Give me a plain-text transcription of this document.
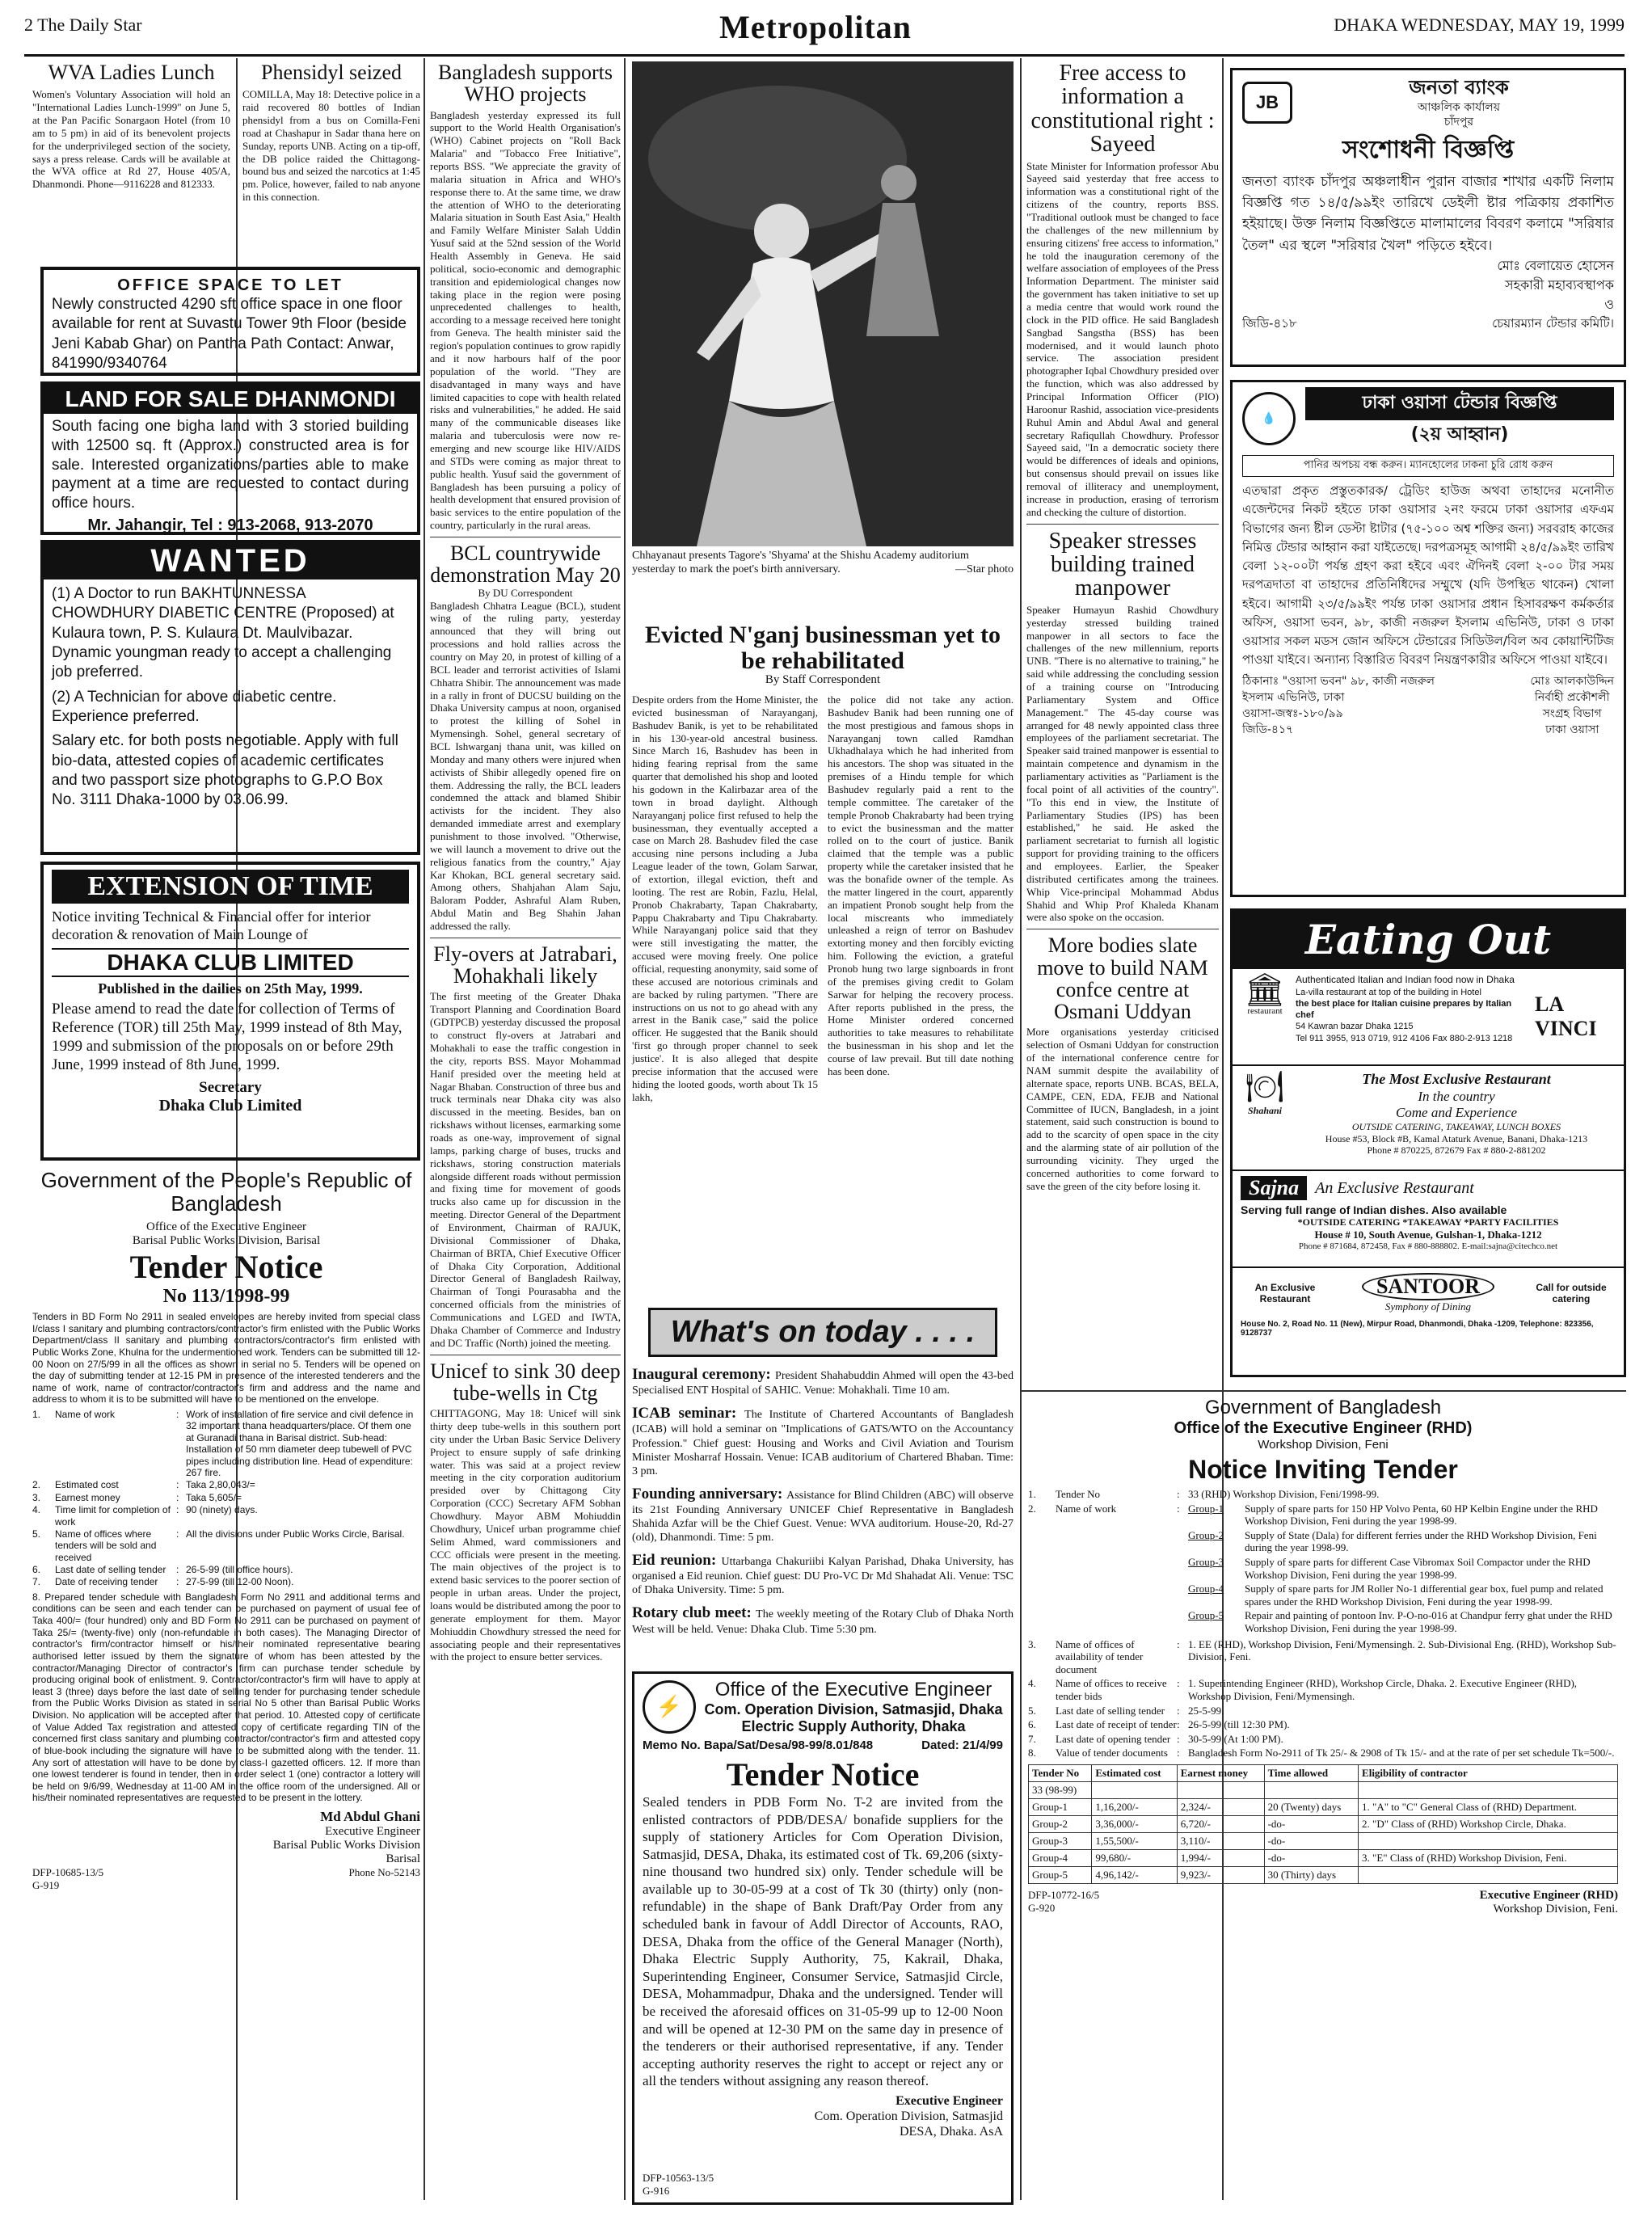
2 The Daily Star	Metropolitan	DHAKA WEDNESDAY, MAY 19, 1999
WVA Ladies Lunch
Women's Voluntary Association will hold an "International Ladies Lunch-1999" on June 5, at the Pan Pacific Sonargaon Hotel (from 10 am to 5 pm) in aid of its benevolent projects for the underprivileged section of the society, says a press release. Cards will be available at the WVA office at Rd 27, House 405/A, Dhanmondi. Phone—9116228 and 812333.
Phensidyl seized
COMILLA, May 18: Detective police in a raid recovered 80 bottles of Indian phensidyl from a bus on Comilla-Feni road at Chashapur in Sadar thana here on Sunday, reports UNB. Acting on a tip-off, the DB police raided the Chittagong-bound bus and seized the narcotics at 1:45 pm. Police, however, failed to nab anyone in this connection.
OFFICE SPACE TO LET
Newly constructed 4290 sft office space in one floor available for rent at Suvastu Tower 9th Floor (beside Jeni Kabab Ghar) on Pantha Path Contact: Anwar, 841990/9340764
LAND FOR SALE DHANMONDI
South facing one bigha land with 3 storied building with 12500 sq. ft (Approx.) constructed area is for sale. Interested organizations/parties able to make payment at a time are requested to contact during office hours.
Mr. Jahangir, Tel : 913-2068, 913-2070
WANTED
(1) A Doctor to run BAKHTUNNESSA CHOWDHURY DIABETIC CENTRE (Proposed) at Kulaura town, P. S. Kulaura Dt. Maulvibazar. Dynamic youngman ready to accept a challenging job preferred.
(2) A Technician for above diabetic centre. Experience preferred.
Salary etc. for both posts negotiable. Apply with full bio-data, attested copies of academic certificates and two passport size photographs to G.P.O Box No. 3111 Dhaka-1000 by 03.06.99.
EXTENSION OF TIME
Notice inviting Technical & Financial offer for interior decoration & renovation of Main Lounge of
DHAKA CLUB LIMITED
Published in the dailies on 25th May, 1999.
Please amend to read the date for collection of Terms of Reference (TOR) till 25th May, 1999 instead of 8th May, 1999 and submission of the proposals on or before 29th June, 1999 instead of 8th June, 1999.
Secretary
Dhaka Club Limited
Government of the People's Republic of Bangladesh
Office of the Executive Engineer
Barisal Public Works Division, Barisal
Tender Notice
No 113/1998-99
Tenders in BD Form No 2911 in sealed envelopes are hereby invited from special class I/class I sanitary and plumbing contractors/contractor's firm enlisted with the Public Works Department/class II sanitary and plumbing contractors/contractor's firm enlisted with Public Works Zone, Khulna for the undermentioned work. Tenders can be submitted till 12-00 Noon on 27/5/99 in all the offices as shown in serial no 5. Tenders will be opened on the day of submitting tender at 12-15 PM in presence of the interested tenderers and the name of work, name of contractor/contractor's firm and address and the name and address to whom it is to be submitted will have to be mentioned on the envelope.
1.	Name of work	: Work of installation of fire service and civil defence in 32 important thana headquarters/place. Of them one at Guranadi thana in Barisal district. Sub-head: Installation of 50 mm diameter deep tubewell of PVC pipes including distribution line. Head of expenditure: 267 fire.
2.	Estimated cost	: Taka 2,80,043/=
3.	Earnest money	: Taka 5,605/=
4.	Time limit for completion of work
: 90 (ninety) days.
5.	Name of offices where tenders will be sold and received
: All the divisions under Public Works Circle, Barisal.
6.	Last date of selling tender	: 26-5-99 (till office hours).
7.	Date of receiving tender	: 27-5-99 (till 12-00 Noon).
8. Prepared tender schedule with Bangladesh Form No 2911 and additional terms and conditions can be seen and each tender can be purchased on payment of usual fee of Taka 400/= (four hundred) only and BD Form No 2911 can be purchased on payment of Taka 25/= (twenty-five) only (non-refundable in both cases). The Managing Director of contractor's firm/contractor himself or his/their nominated representative bearing authorised letter issued by them the signature of whom has been attested by the contractor/Managing Director of contractor's firm can purchase tender schedule by producing original book of enlistment. 9. Contractor/contractor's firm will have to apply at least 3 (three) days before the last date of selling tender for purchasing tender schedule from the Public Works Division as stated in serial No 5 other than Barisal Public Works Division. No application will be accepted after that period. 10. Attested copy of certificate of Value Added Tax registration and attested copy of certificate regarding TIN of the concerned first class sanitary and plumbing contractor/contractor's firm and attested copy of blue-book including the signature will have to be submitted along with the tender. 11. Any sort of attestation will have to be done by class-I gazetted officers. 12. If more than one lowest tenderer is found in tender, then in order select 1 (one) contractor a lottery will be held on 9/6/99, Wednesday at 11-00 AM in the office room of the undersigned. All or his/their nominated representatives are requested to be present in the lottery.
Md Abdul Ghani
Executive Engineer
Barisal Public Works Division
Barisal
DFP-10685-13/5	Phone No-52143
G-919
Bangladesh supports WHO projects
Bangladesh yesterday expressed its full support to the World Health Organisation's (WHO) Cabinet projects on "Roll Back Malaria" and "Tobacco Free Initiative", reports BSS. "We appreciate the gravity of malaria situation in Africa and WHO's response there to. At the same time, we draw the attention of WHO to the deteriorating Malaria situation in South East Asia," Health and Family Welfare Minister Salah Uddin Yusuf said at the 52nd session of the World Health Assembly in Geneva. He said political, socio-economic and demographic transition and epidemiological changes now taking place in the region were posing unprecedented challenges to health, according to a message received here tonight from Geneva. The health minister said the region's population continues to grow rapidly and it now harbours half of the poor population of the world. "They are disadvantaged in many ways and have limited capacities to cope with health related risks and vulnerabilities," he added. He said many of the communicable diseases like malaria and tuberculosis were now re-emerging and new scourge like HIV/AIDS and STDs were coming as major threat to public health. Yusuf said the government of Bangladesh has been pursuing a policy of health development that ensured provision of basic services to the entire population of the country, particularly in the rural areas.
BCL countrywide demonstration May 20
By DU Correspondent
Bangladesh Chhatra League (BCL), student wing of the ruling party, yesterday announced that they will bring out processions and hold rallies across the country on May 20, in protest of killing of a BCL leader and terrorist activities of Islami Chhatra Shibir. The announcement was made in a rally in front of DUCSU building on the Dhaka University campus at noon, organised to protest the killing of Sohel in Mymensingh. Sohel, general secretary of BCL Ishwarganj thana unit, was killed on Monday and many others were injured when activists of Shibir allegedly opened fire on them. Addressing the rally, the BCL leaders condemned the attack and blamed Shibir activists for the incident. They also demanded immediate arrest and exemplary punishment to those involved. "Otherwise, we will launch a movement to drive out the religious fanatics from the country," Ajay Kar Khokan, BCL general secretary said. Among others, Shahjahan Alam Saju, Baloram Podder, Ashraful Alam Ruben, Abdul Matin and Beg Shahin Jahan addressed the rally.
Fly-overs at Jatrabari, Mohakhali likely
The first meeting of the Greater Dhaka Transport Planning and Coordination Board (GDTPCB) yesterday discussed the proposal to construct fly-overs at Jatrabari and Mohakhali to ease the traffic congestion in the city, reports BSS. Mayor Mohammad Hanif presided over the meeting held at Nagar Bhaban. Construction of three bus and truck terminals near Dhaka city was also discussed in the meeting. Besides, ban on rickshaws without licenses, earmarking some roads as one-way, improvement of signal lamps, parking charge of buses, trucks and rickshaws, storing construction materials alongside different roads without permission and fixing time for movement of goods trucks also came up for discussion in the meeting. Director General of the Department of Environment, Chairman of RAJUK, Divisional Commissioner of Dhaka, Chairman of BRTA, Chief Executive Officer of Dhaka City Corporation, Additional Director General of Bangladesh Railway, Chairman of Tongi Pourasabha and the concerned officials from the ministries of Communications and LGED and IWTA, Dhaka Chamber of Commerce and Industry and DC Traffic (North) joined the meeting.
Unicef to sink 30 deep tube-wells in Ctg
CHITTAGONG, May 18: Unicef will sink thirty deep tube-wells in this southern port city under the Urban Basic Service Delivery Project to ensure supply of safe drinking water. This was said at a project review meeting in the city corporation auditorium presided over by Chittagong City Corporation (CCC) Secretary AFM Sobhan Chowdhury. Mayor ABM Mohiuddin Chowdhury, Unicef urban programme chief Selim Ahmed, ward commissioners and CCC officials were present in the meeting. The main objectives of the project is to extend basic services to the poorer section of people in urban areas. Under the project, loans would be distributed among the poor to generate employment for them. Mayor Mohiuddin Chowdhury stressed the need for associating people and their representatives with the project to ensure better services.
Chhayanaut presents Tagore's 'Shyama' at the Shishu Academy auditorium yesterday to mark the poet's birth anniversary.	—Star photo
Evicted N'ganj businessman yet to be rehabilitated
By Staff Correspondent
Despite orders from the Home Minister, the evicted businessman of Narayanganj, Bashudev Banik, is yet to be rehabilitated in his 130-year-old ancestral business. Since March 16, Bashudev has been in hiding fearing reprisal from the same quarter that demolished his shop and looted his godown in the Kalirbazar area of the town in broad daylight. Although Narayanganj police first refused to help the businessman, they eventually accepted a case on March 28. Bashudev filed the case accusing nine persons including a Juba League leader of the town, Golam Sarwar, of extortion, illegal eviction, theft and looting. The rest are Robin, Fazlu, Helal, Pronob Chakrabarty, Tapan Chakrabarty, Pappu Chakrabarty and Tipu Chakrabarty. While Narayanganj police said that they were still investigating the matter, the accused were moving freely. One police official, requesting anonymity, said some of these accused are notorious criminals and are backed by ruling partymen. "There are instructions on us not to go ahead with any arrest in the Banik case," said the police officer. He suggested that the Banik should 'first go through proper channel to seek justice'. It is also alleged that despite precise information that the accused were hiding the looted goods, worth about Tk 15 lakh,
the police did not take any action. Bashudev Banik had been running one of the most prestigious and famous shops in Narayanganj town called Ramdhan Ukhadhalaya which he had inherited from his ancestors. The shop was situated in the premises of a Hindu temple for which Bashudev regularly paid a rent to the temple committee. The caretaker of the temple Pronob Chakrabarty had been trying to evict the businessman and the matter rolled on to the court of justice. Banik claimed that the temple was a public property while the caretaker insisted that he was the bonafide owner of the temple. As the matter lingered in the court, apparently an impatient Pronob sought help from the local miscreants who immediately unleashed a reign of terror on Bashudev extorting money and then forcibly evicting him. Following the eviction, a grateful Pronob hung two large signboards in front of the premises giving credit to Golam Sarwar for helping the recovery process. After reports published in the press, the Home Minister ordered concerned authorities to take measures to rehabilitate the businessman in his shop and let the course of law prevail. But till date nothing has been done.
What's on today . . . .
Inaugural ceremony: President Shahabuddin Ahmed will open the 43-bed Specialised ENT Hospital of SAHIC. Venue: Mohakhali. Time 10 am.
ICAB seminar: The Institute of Chartered Accountants of Bangladesh (ICAB) will hold a seminar on "Implications of GATS/WTO on the Accountancy Profession." Chief guest: Housing and Works and Civil Aviation and Tourism Minister Mosharraf Hossain. Venue: ICAB auditorium of Chartered Bhaban. Time: 3 pm.
Founding anniversary: Assistance for Blind Children (ABC) will observe its 21st Founding Anniversary UNICEF Chief Representative in Bangladesh Shahida Azfar will be the Chief Guest. Venue: WVA auditorium. House-20, Rd-27 (old), Dhanmondi. Time: 5 pm.
Eid reunion: Uttarbanga Chakuriibi Kalyan Parishad, Dhaka University, has organised a Eid reunion. Chief guest: DU Pro-VC Dr Md Shahadat Ali. Venue: TSC of Dhaka University. Time: 5 pm.
Rotary club meet: The weekly meeting of the Rotary Club of Dhaka North West will be held. Venue: Dhaka Club. Time 5:30 pm.
⚡
Office of the Executive Engineer
Com. Operation Division, Satmasjid, Dhaka
Electric Supply Authority, Dhaka
Memo No. Bapa/Sat/Desa/98-99/8.01/848	Dated: 21/4/99
Tender Notice
Sealed tenders in PDB Form No. T-2 are invited from the enlisted contractors of PDB/DESA/ bonafide suppliers for the supply of stationery Articles for Com Operation Division, Satmasjid, DESA, Dhaka, its estimated cost of Tk. 69,206 (sixty-nine thousand two hundred six) only. Tender schedule will be available up to 30-05-99 at a cost of Tk 30 (thirty) only (non-refundable) in the shape of Bank Draft/Pay Order from any scheduled bank in favour of Addl Director of Accounts, RAO, DESA, Dhaka from the office of the General Manager (North), Dhaka Electric Supply Authority, 75, Kakrail, Dhaka, Superintending Engineer, Consumer Service, Satmasjid Circle, DESA, Mohammadpur, Dhaka and the undersigned. Tender will be received the aforesaid offices on 31-05-99 up to 12-00 Noon and will be opened at 12-30 PM on the same day in presence of the tenderers or their authorised representative, if any. Tender accepting authority reserves the right to accept or reject any or all the tenders without assigning any reason thereof.
Executive Engineer
Com. Operation Division, Satmasjid
DESA, Dhaka. AsA
DFP-10563-13/5
G-916
Free access to information a constitutional right : Sayeed
State Minister for Information professor Abu Sayeed said yesterday that free access to information was a constitutional right of the citizens of the country, reports BSS. "Traditional outlook must be changed to face the challenges of the new millennium by ensuring citizens' free access to information," he told the inauguration ceremony of the welfare association of employees of the Press Information Department. The minister said the government has taken initiative to set up a media centre that would work round the clock in the PID office. He said Bangladesh Sangbad Sangstha (BSS) has been modernised, and it would launch photo service. The association president photographer Iqbal Chowdhury presided over the function, which was also addressed by Principal Information Officer (PIO) Haroonur Rashid, association vice-presidents Ruhul Amin and Abdul Awal and general secretary Rafiqullah Chowdhury. Professor Sayeed said, "In a democratic society there would be differences of ideals and opinions, but consensus should prevail on issues like removal of illiteracy and unemployment, increase in production, erasing of terrorism and checking the culture of distortion.
Speaker stresses building trained manpower
Speaker Humayun Rashid Chowdhury yesterday stressed building trained manpower in all sectors to face the challenges of the new millennium, reports UNB. "There is no alternative to training," he said while addressing the concluding session of a training course on "Introducing Parliamentary System and Office Management." The 45-day course was arranged for 48 newly appointed class three employees of the parliament secretariat. The Speaker said trained manpower is essential to maintain competence and dynamism in the parliamentary activities as "Parliament is the focal point of all activities of the country". "To this end in view, the Institute of Parliamentary Studies (IPS) has been established," he said. He asked the parliament secretariat to furnish all logistic support for providing training to the officers and employees. Earlier, the Speaker distributed certificates among the trainees. Whip Vice-principal Mohammad Abdus Shahid and Whip Prof Khaleda Khanam were also spoke on the occasion.
More bodies slate move to build NAM confce centre at Osmani Uddyan
More organisations yesterday criticised selection of Osmani Uddyan for construction of the international conference centre for NAM summit despite the availability of alternate space, reports UNB. BCAS, BELA, CAMPE, CEN, EDA, FEJB and National Committee of IUCN, Bangladesh, in a joint statement, said such construction is bound to add to the scarcity of open space in the city and the alarming state of air pollution of the surrounding vicinity. They urged the concerned authorities to come forward to save the green of the city before losing it.
JB
জনতা ব্যাংক
আঞ্চলিক কার্যালয়
চাঁদপুর
সংশোধনী বিজ্ঞপ্তি
জনতা ব্যাংক চাঁদপুর অঞ্চলাধীন পুরান বাজার শাখার একটি নিলাম বিজ্ঞপ্তি গত ১৪/৫/৯৯ইং তারিখে ডেইলী ষ্টার পত্রিকায় প্রকাশিত হইয়াছে। উক্ত নিলাম বিজ্ঞপ্তিতে মালামালের বিবরণ কলামে "সরিষার তৈল" এর স্থলে "সরিষার খৈল" পড়িতে হইবে।
মোঃ বেলায়েত হোসেন
সহকারী মহাব্যবস্থাপক
ও
জিডি-৪১৮	চেয়ারম্যান টেন্ডার কমিটি।
💧
ঢাকা ওয়াসা টেন্ডার বিজ্ঞপ্তি
(২য় আহ্বান)
পানির অপচয় বন্ধ করুন। ম্যানহোলের ঢাকনা চুরি রোধ করুন
এতদ্বারা প্রকৃত প্রস্তুতকারক/ ট্রেডিং হাউজ অথবা তাহাদের মনোনীত এজেন্টদের নিকট হইতে ঢাকা ওয়াসার ২নং ফরমে ঢাকা ওয়াসার এফএম বিভাগের জন্য ষ্টীল ডেস্টা ষ্টাটার (৭৫-১০০ অশ্ব শক্তির জন্য) সরবরাহ কাজের নিমিত্ত টেন্ডার আহ্বান করা যাইতেছে। দরপত্রসমূহ আগামী ২৪/৫/৯৯ইং তারিখ বেলা ১২-০০টা পর্যন্ত গ্রহণ করা হইবে এবং ঐদিনই বেলা ২-০০ টার সময় দরপত্রদাতা বা তাহাদের প্রতিনিধিদের সম্মুখে (যদি উপস্থিত থাকেন) খোলা হইবে। আগামী ২৩/৫/৯৯ইং পর্যন্ত ঢাকা ওয়াসার প্রধান হিসাবরক্ষণ কর্মকর্তার অফিস, ওয়াসা ভবন, ৯৮, কাজী নজরুল ইসলাম এভিনিউ, ঢাকা ও ঢাকা ওয়াসার সকল মডস জোন অফিসে টেন্ডারের সিডিউল/বিল অব কোয়ান্টিটিজ পাওয়া যাইবে। অন্যান্য বিস্তারিত বিবরণ নিয়ন্ত্রণকারীর অফিসে পাওয়া যাইবে।
ঠিকানাঃ "ওয়াসা ভবন" ৯৮, কাজী নজরুল ইসলাম এভিনিউ, ঢাকা
ওয়াসা-জস্বঃ-১৮০/৯৯
জিডি-৪১৭
মোঃ আলকাউদ্দিন
নির্বাহী প্রকৌশলী
সংগ্রহ বিভাগ
ঢাকা ওয়াসা
Eating Out
🏛
restaurant
Authenticated Italian and Indian food now in Dhaka
La-villa restaurant at top of the building in Hotel
the best place for Italian cuisine prepares by Italian chef
54 Kawran bazar Dhaka 1215
Tel 911 3955, 913 0719, 912 4106 Fax 880-2-913 1218
LA VINCI
🍽
Shahani
The Most Exclusive Restaurant
In the country
Come and Experience
OUTSIDE CATERING, TAKEAWAY, LUNCH BOXES
House #53, Block #B, Kamal Ataturk Avenue, Banani, Dhaka-1213
Phone # 870225, 872679 Fax # 880-2-881202
Sajna	An Exclusive Restaurant
Serving full range of Indian dishes. Also available
*OUTSIDE CATERING *TAKEAWAY *PARTY FACILITIES
House # 10, South Avenue, Gulshan-1, Dhaka-1212
Phone # 871684, 872458, Fax # 880-888802. E-mail:sajna@citechco.net
An Exclusive Restaurant
SANTOOR
Symphony of Dining
Call for outside catering
House No. 2, Road No. 11 (New), Mirpur Road, Dhanmondi, Dhaka -1209, Telephone: 823356, 9128737
Government of Bangladesh
Office of the Executive Engineer (RHD)
Workshop Division, Feni
Notice Inviting Tender
1.	Tender No	: 33 (RHD) Workshop Division, Feni/1998-99.
2.	Name of work	: Group-1	Supply of spare parts for 150 HP Volvo Penta, 60 HP Kelbin Engine under the RHD Workshop Division, Feni during the year 1998-99.
Group-2	Supply of State (Dala) for different ferries under the RHD Workshop Division, Feni during the year 1998-99.
Group-3	Supply of spare parts for different Case Vibromax Soil Compactor under the RHD Workshop Division, Feni during the year 1998-99.
Group-4	Supply of spare parts for JM Roller No-1 differential gear box, fuel pump and related spares under the RHD Workshop Division, Feni during the year 1998-99.
Group-5	Repair and painting of pontoon Inv. P-O-no-016 at Chandpur ferry ghat under the RHD Workshop Division, Feni during the year 1998-99.
3.	Name of offices of availability of tender document
: 1. EE (RHD), Workshop Division, Feni/Mymensingh. 2. Sub-Divisional Eng. (RHD), Workshop Sub-Division, Feni.
4.	Name of offices to receive tender bids
: 1. Superintending Engineer (RHD), Workshop Circle, Dhaka. 2. Executive Engineer (RHD), Workshop Division, Feni/Mymensingh.
5.	Last date of selling tender	: 25-5-99.
6.	Last date of receipt of tender : 26-5-99 (till 12:30 PM).
7.	Last date of opening tender : 30-5-99 (At 1:00 PM).
8.	Value of tender documents : Bangladesh Form No-2911 of Tk 25/- & 2908 of Tk 15/- and at the rate of per set schedule Tk=500/-.
Tender No	Estimated cost	Earnest money	Time allowed	Eligibility of contractor
33 (98-99)				
Group-1	1,16,200/-	2,324/-	20 (Twenty) days	1. "A" to "C" General Class of (RHD) Department.
Group-2	3,36,000/-	6,720/-	-do-	2. "D" Class of (RHD) Workshop Circle, Dhaka.
Group-3	1,55,500/-	3,110/-	-do-	
Group-4	99,680/-	1,994/-	-do-	3. "E" Class of (RHD) Workshop Division, Feni.
Group-5	4,96,142/-	9,923/-	30 (Thirty) days	
DFP-10772-16/5
G-920
Executive Engineer (RHD)
Workshop Division, Feni.
